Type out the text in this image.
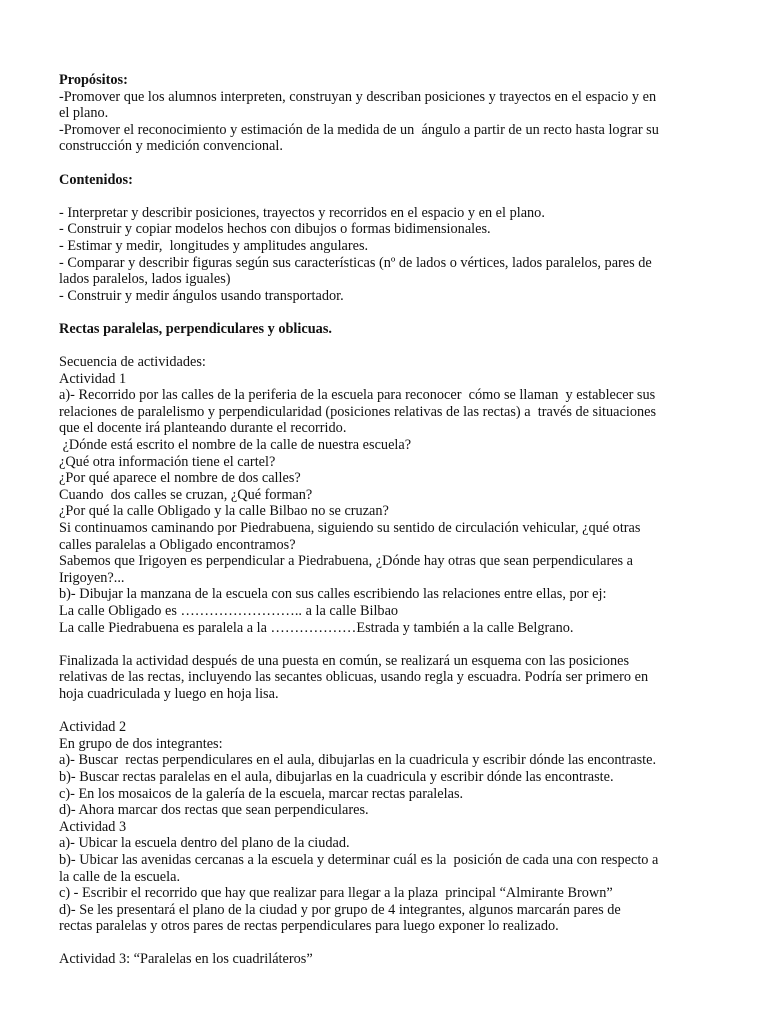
Propósitos:
-Promover que los alumnos interpreten, construyan y describan posiciones y trayectos en el espacio y en
el plano.
-Promover el reconocimiento y estimación de la medida de un  ángulo a partir de un recto hasta lograr su
construcción y medición convencional.
Contenidos:
- Interpretar y describir posiciones, trayectos y recorridos en el espacio y en el plano.
- Construir y copiar modelos hechos con dibujos o formas bidimensionales.
- Estimar y medir,  longitudes y amplitudes angulares.
- Comparar y describir figuras según sus características (nº de lados o vértices, lados paralelos, pares de
lados paralelos, lados iguales)
- Construir y medir ángulos usando transportador.
Rectas paralelas, perpendiculares y oblicuas.
Secuencia de actividades:
Actividad 1
a)- Recorrido por las calles de la periferia de la escuela para reconocer  cómo se llaman  y establecer sus
relaciones de paralelismo y perpendicularidad (posiciones relativas de las rectas) a  través de situaciones
que el docente irá planteando durante el recorrido.
¿Dónde está escrito el nombre de la calle de nuestra escuela?
¿Qué otra información tiene el cartel?
¿Por qué aparece el nombre de dos calles?
Cuando  dos calles se cruzan, ¿Qué forman?
¿Por qué la calle Obligado y la calle Bilbao no se cruzan?
Si continuamos caminando por Piedrabuena, siguiendo su sentido de circulación vehicular, ¿qué otras
calles paralelas a Obligado encontramos?
Sabemos que Irigoyen es perpendicular a Piedrabuena, ¿Dónde hay otras que sean perpendiculares a
Irigoyen?...
b)- Dibujar la manzana de la escuela con sus calles escribiendo las relaciones entre ellas, por ej:
La calle Obligado es …………………….. a la calle Bilbao
La calle Piedrabuena es paralela a la ………………Estrada y también a la calle Belgrano.
Finalizada la actividad después de una puesta en común, se realizará un esquema con las posiciones
relativas de las rectas, incluyendo las secantes oblicuas, usando regla y escuadra. Podría ser primero en
hoja cuadriculada y luego en hoja lisa.
Actividad 2
En grupo de dos integrantes:
a)- Buscar  rectas perpendiculares en el aula, dibujarlas en la cuadricula y escribir dónde las encontraste.
b)- Buscar rectas paralelas en el aula, dibujarlas en la cuadricula y escribir dónde las encontraste.
c)- En los mosaicos de la galería de la escuela, marcar rectas paralelas.
d)- Ahora marcar dos rectas que sean perpendiculares.
Actividad 3
a)- Ubicar la escuela dentro del plano de la ciudad.
b)- Ubicar las avenidas cercanas a la escuela y determinar cuál es la  posición de cada una con respecto a
la calle de la escuela.
c) - Escribir el recorrido que hay que realizar para llegar a la plaza  principal “Almirante Brown”
d)- Se les presentará el plano de la ciudad y por grupo de 4 integrantes, algunos marcarán pares de
rectas paralelas y otros pares de rectas perpendiculares para luego exponer lo realizado.
Actividad 3: “Paralelas en los cuadriláteros”
